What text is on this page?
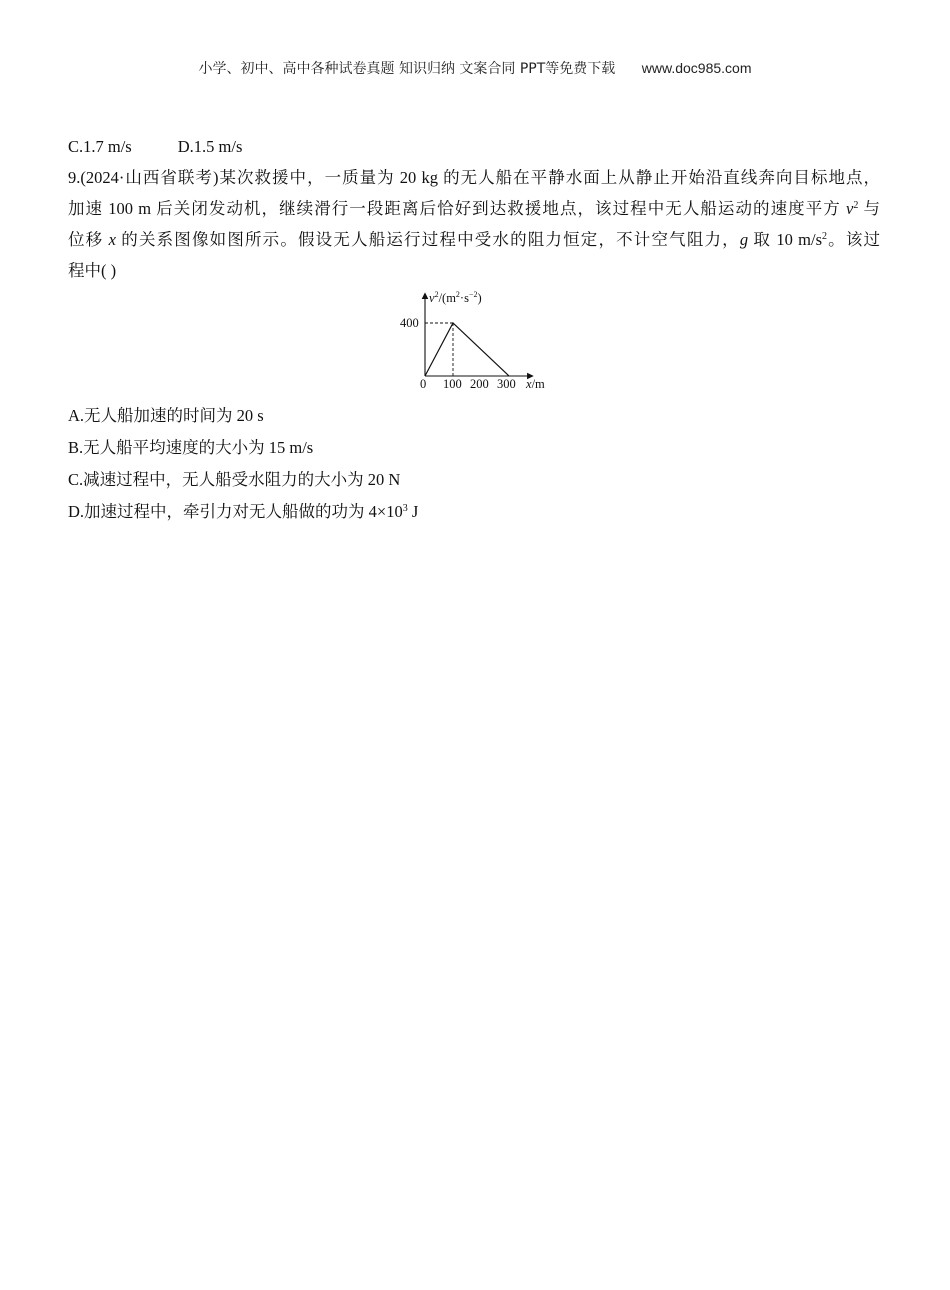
小学、初中、高中各种试卷真题 知识归纳 文案合同 PPT等免费下载 www.doc985.com
C.1.7 m/s	D.1.5 m/s
9.(2024·山西省联考)某次救援中，一质量为 20 kg 的无人船在平静水面上从静止开始沿直线奔向目标地点，
加速 100 m 后关闭发动机，继续滑行一段距离后恰好到达救援地点，该过程中无人船运动的速度平方 $v^2$ 与
位移 x 的关系图像如图所示。假设无人船运行过程中受水的阻力恒定，不计空气阻力，g 取 10 $m/s^2$。该过
程中( )
$v^2/(m^2\cdot s^{-2})$
400
0 100 200 300 x/m
A.无人船加速的时间为 20 s
B.无人船平均速度的大小为 15 m/s
C.减速过程中，无人船受水阻力的大小为 20 N
D.加速过程中，牵引力对无人船做的功为 $4\times 10^3$ J
